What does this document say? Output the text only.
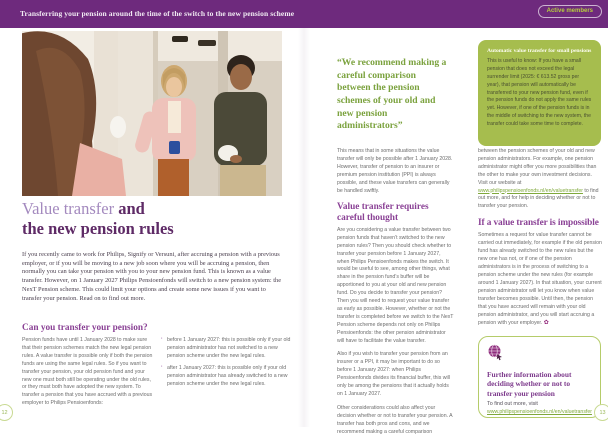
Transferring your pension around the time of the switch to the new pension scheme	Active members
Value transfer and
the new pension rules
If you recently came to work for Philips, Signify or Versuni, after accruing a pension with a previous employer, or if you will be moving to a new job soon where you will be accruing a pension, then normally you can take your pension with you to your new pension fund. This is known as a value transfer. However, on 1 January 2027 Philips Pensioenfonds will switch to a new pension system: the NexT Pension scheme. This could limit your options and create some new issues if you want to transfer your pension. Read on to find out more.
Can you transfer your pension?
Pension funds have until 1 January 2028 to make sure that their pension schemes match the new legal pension rules. A value transfer is possible only if both the pension funds are using the same legal rules. So if you want to transfer your pension, your old pension fund and your new one must both still be operating under the old rules, or they must both have adopted the new system. To transfer a pension that you have accrued with a previous employer to Philips Pensioenfonds:
· before 1 January 2027: this is possible only if your old pension administrator has not switched to a new pension scheme under the new legal rules.
· after 1 January 2027: this is possible only if your old pension administrator has already switched to a new pension scheme under the new legal rules.
12
“We recommend making a careful comparison between the pension schemes of your old and new pension administrators”
Automatic value transfer for small pensions
This is useful to know: If you have a small pension that does not exceed the legal surrender limit (2025: € 613.52 gross per year), that pension will automatically be transferred to your new pension fund, even if the pension funds do not apply the same rules yet. However, if one of the pension funds is in the middle of switching to the new system, the transfer could take some time to complete.

This means that in some situations the value transfer will only be possible after 1 January 2028. However, transfer of pension to an insurer or premium pension institution (PPI) is always possible, and these value transfers can generally be handled swiftly.

Value transfer requires careful thought

Are you considering a value transfer between two pension funds that haven’t switched to the new pension rules? Then you should check whether to transfer your pension before 1 January 2027, when Philips Pensioenfonds makes the switch. It would be useful to see, among other things, what share in the pension fund’s buffer will be apportioned to you at your old and new pension fund. Do you decide to transfer your pension? Then you will need to request your value transfer as early as possible. However, whether or not the transfer is completed before we switch to the NexT Pension scheme depends not only on Philips Pensioenfonds: the other pension administrator will have to facilitate the value transfer.

Also if you wish to transfer your pension from an insurer or a PPI, it may be important to do so before 1 January 2027: when Philips Pensioenfonds divides its financial buffer, this will only be among the pensions that it actually holds on 1 January 2027.

Other considerations could also affect your decision whether or not to transfer your pension. A transfer has both pros and cons, and we recommend making a careful comparison

between the pension schemes of your old and new pension administrators. For example, one pension administrator might offer you more possibilities than the other to make your own investment decisions. Visit our website at www.philipspensioenfonds.nl/en/valuetransfer to find out more, and for help in deciding whether or not to transfer your pension.

If a value transfer is impossible

Sometimes a request for value transfer cannot be carried out immediately, for example if the old pension fund has already switched to the new rules but the new one has not, or if one of the pension administrators is in the process of switching to a pension scheme under the new rules (for example around 1 January 2027). In that situation, your current pension administrator will let you know when value transfer becomes possible. Until then, the pension that you have accrued will remain with your old pension administrator, and you will start accruing a pension with your employer. ✿

Further information about deciding whether or not to transfer your pension
To find out more, visit
www.philipspensioenfonds.nl/en/valuetransfer	13
